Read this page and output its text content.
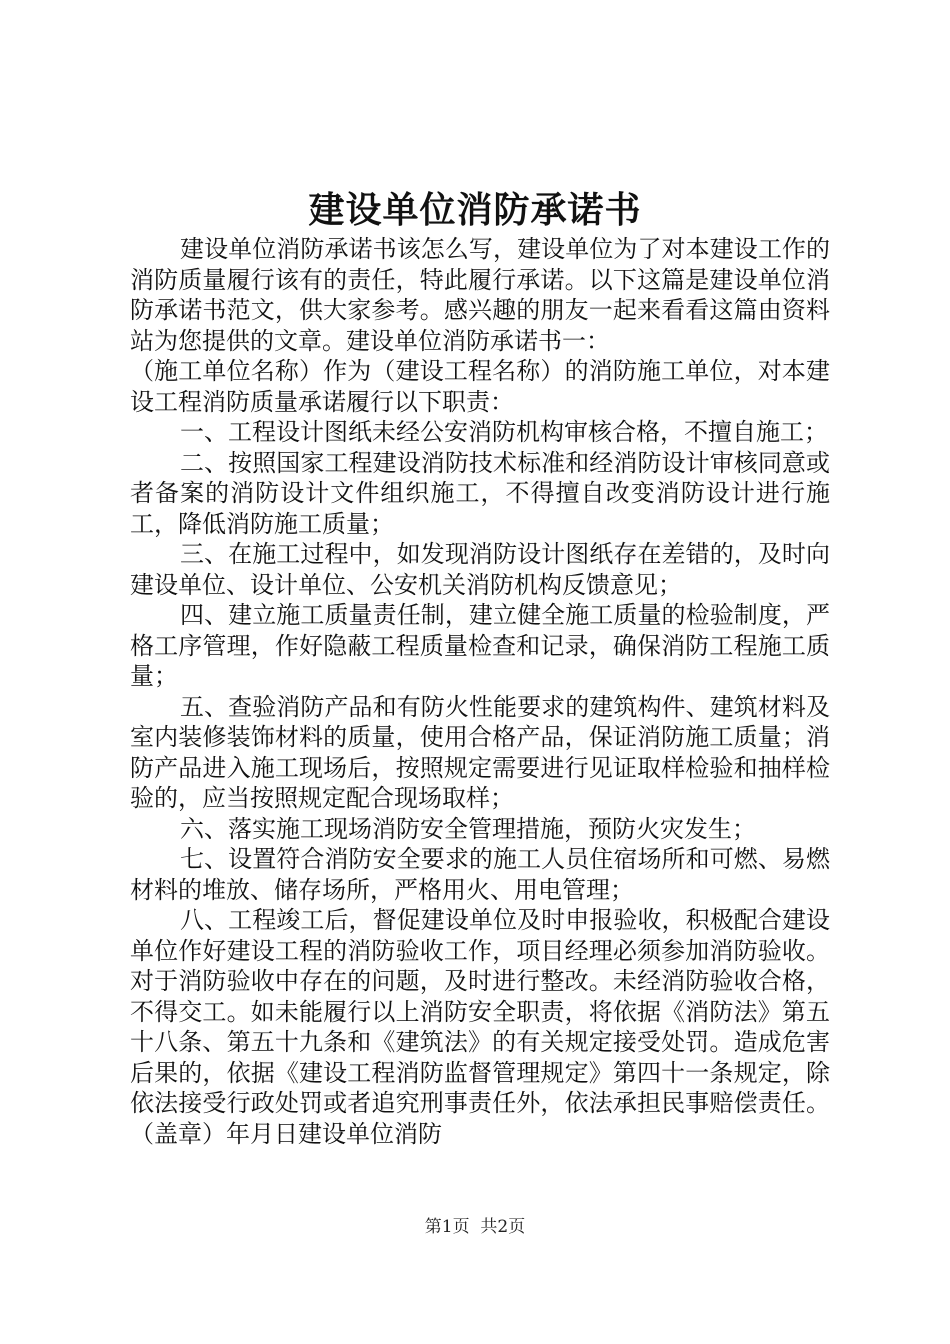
建设单位消防承诺书

建设单位消防承诺书该怎么写，建设单位为了对本建设工作的消防质量履行该有的责任，特此履行承诺。以下这篇是建设单位消防承诺书范文，供大家参考。感兴趣的朋友一起来看看这篇由资料站为您提供的文章。建设单位消防承诺书一：

（施工单位名称）作为（建设工程名称）的消防施工单位，对本建设工程消防质量承诺履行以下职责：

一、工程设计图纸未经公安消防机构审核合格，不擅自施工；

二、按照国家工程建设消防技术标准和经消防设计审核同意或者备案的消防设计文件组织施工，不得擅自改变消防设计进行施工，降低消防施工质量；

三、在施工过程中，如发现消防设计图纸存在差错的，及时向建设单位、设计单位、公安机关消防机构反馈意见；

四、建立施工质量责任制，建立健全施工质量的检验制度，严格工序管理，作好隐蔽工程质量检查和记录，确保消防工程施工质量；

五、查验消防产品和有防火性能要求的建筑构件、建筑材料及室内装修装饰材料的质量，使用合格产品，保证消防施工质量；消防产品进入施工现场后，按照规定需要进行见证取样检验和抽样检验的，应当按照规定配合现场取样；

六、落实施工现场消防安全管理措施，预防火灾发生；

七、设置符合消防安全要求的施工人员住宿场所和可燃、易燃材料的堆放、储存场所，严格用火、用电管理；

八、工程竣工后，督促建设单位及时申报验收，积极配合建设单位作好建设工程的消防验收工作，项目经理必须参加消防验收。对于消防验收中存在的问题，及时进行整改。未经消防验收合格，不得交工。如未能履行以上消防安全职责，将依据《消防法》第五十八条、第五十九条和《建筑法》的有关规定接受处罚。造成危害后果的，依据《建设工程消防监督管理规定》第四十一条规定，除依法接受行政处罚或者追究刑事责任外，依法承担民事赔偿责任。（盖章）年月日建设单位消防

第1页 共2页
